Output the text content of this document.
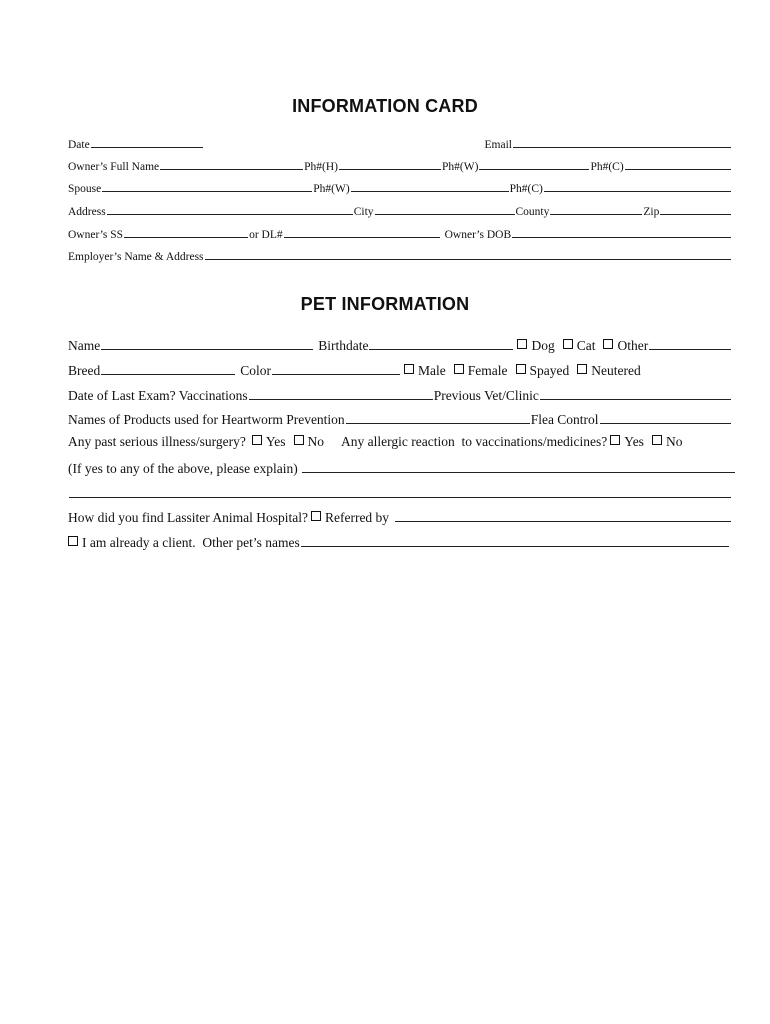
INFORMATION CARD
Date	Email
Owner’s Full Name	Ph#(H)	Ph#(W)	Ph#(C)
Spouse	Ph#(W)	Ph#(C)
Address	City	County	Zip
Owner’s SS	or DL#	Owner’s DOB
Employer’s Name & Address
PET INFORMATION
Name	Birthdate	Dog Cat Other
Breed	Color	Male Female Spayed Neutered
Date of Last Exam? Vaccinations	Previous Vet/Clinic
Names of Products used for Heartworm Prevention	Flea Control
Any past serious illness/surgery? Yes No Any allergic reaction  to vaccinations/medicines? Yes No
(If yes to any of the above, please explain)
How did you find Lassiter Animal Hospital? Referred by
I am already a client.  Other pet’s names
